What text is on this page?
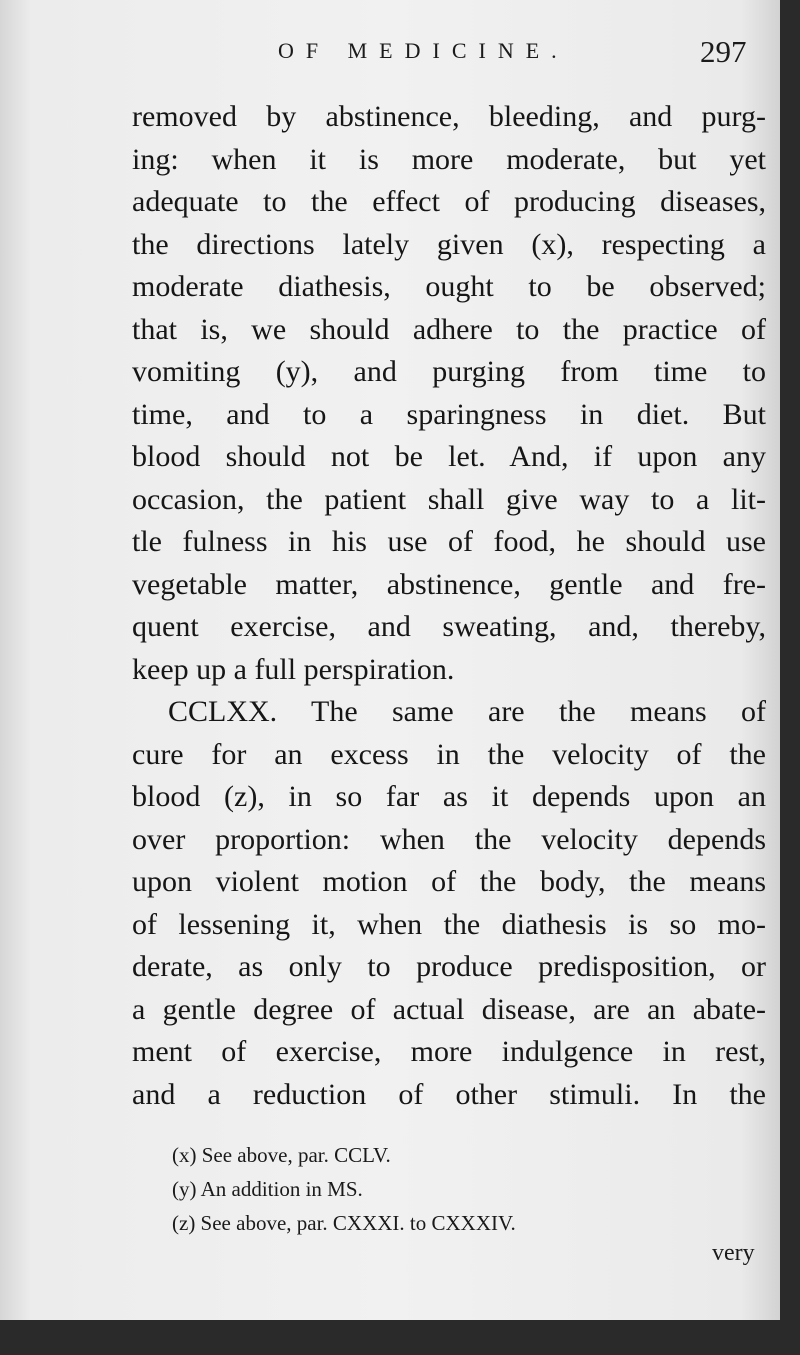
OF MEDICINE.	297
removed by abstinence, bleeding, and purg-
ing: when it is more moderate, but yet
adequate to the effect of producing diseases,
the directions lately given (x), respecting a
moderate diathesis, ought to be observed;
that is, we should adhere to the practice of
vomiting (y), and purging from time to
time, and to a sparingness in diet. But
blood should not be let. And, if upon any
occasion, the patient shall give way to a lit-
tle fulness in his use of food, he should use
vegetable matter, abstinence, gentle and fre-
quent exercise, and sweating, and, thereby,
keep up a full perspiration.
CCLXX. The same are the means of
cure for an excess in the velocity of the
blood (z), in so far as it depends upon an
over proportion: when the velocity depends
upon violent motion of the body, the means
of lessening it, when the diathesis is so mo-
derate, as only to produce predisposition, or
a gentle degree of actual disease, are an abate-
ment of exercise, more indulgence in rest,
and a reduction of other stimuli. In the
(x) See above, par. CCLV.
(y) An addition in MS.
(z) See above, par. CXXXI. to CXXXIV.
very
